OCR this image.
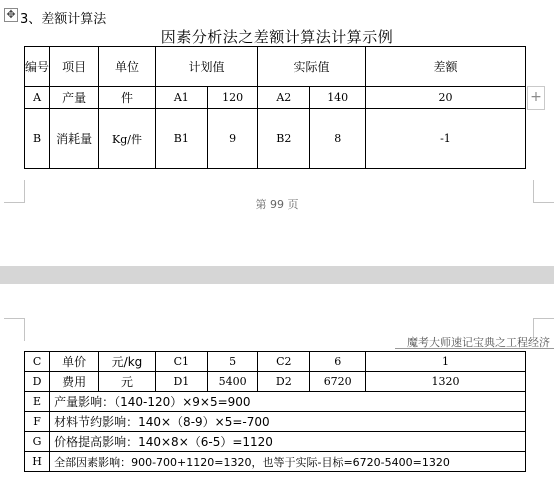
✥ 3、差额计算法
因素分析法之差额计算法计算示例
编号	项目	单位	计划值		实际值		差额
A	产量	件	A1	120	A2	140	20
B	消耗量	Kg/件	B1	9	B2	8	-1
+
第 99 页
魔考大师速记宝典之工程经济
C	单价	元/kg	C1	5	C2	6	1
D	费用	元	D1	5400	D2	6720	1320
E	产量影响：（140-120）×9×5=900						
F	材料节约影响：140×（8-9）×5=-700						
G	价格提高影响：140×8×（6-5）=1120						
H	全部因素影响：900-700+1120=1320，也等于实际-目标=6720-5400=1320						
